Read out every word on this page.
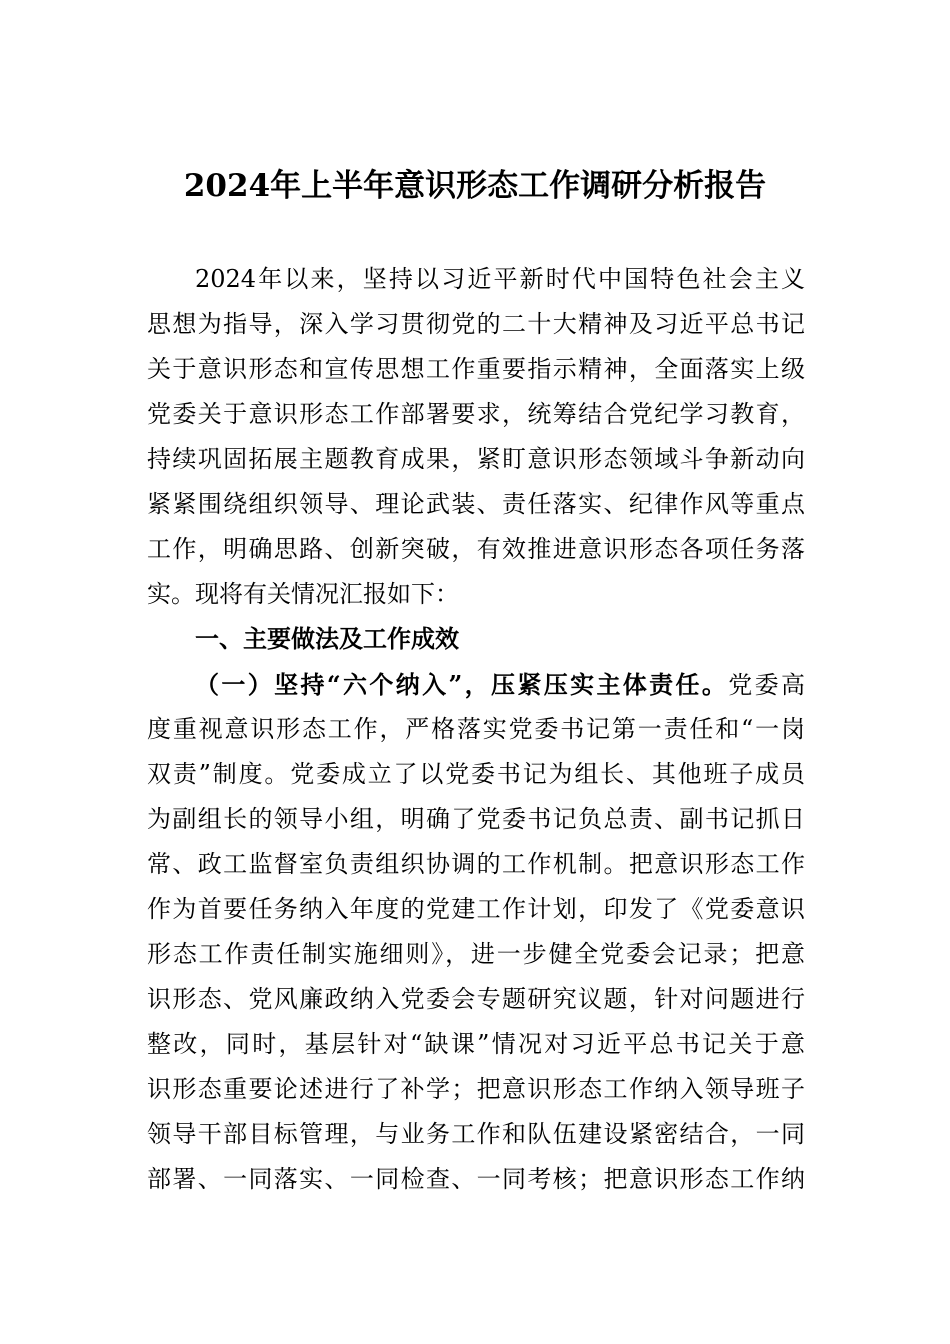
2024年上半年意识形态工作调研分析报告
2024年以来，坚持以习近平新时代中国特色社会主义
思想为指导，深入学习贯彻党的二十大精神及习近平总书记
关于意识形态和宣传思想工作重要指示精神，全面落实上级
党委关于意识形态工作部署要求，统筹结合党纪学习教育，
持续巩固拓展主题教育成果，紧盯意识形态领域斗争新动向
紧紧围绕组织领导、理论武装、责任落实、纪律作风等重点
工作，明确思路、创新突破，有效推进意识形态各项任务落
实。现将有关情况汇报如下：
一、主要做法及工作成效
（一）坚持“六个纳入”，压紧压实主体责任。党委高
度重视意识形态工作，严格落实党委书记第一责任和“一岗
双责”制度。党委成立了以党委书记为组长、其他班子成员
为副组长的领导小组，明确了党委书记负总责、副书记抓日
常、政工监督室负责组织协调的工作机制。把意识形态工作
作为首要任务纳入年度的党建工作计划，印发了《党委意识
形态工作责任制实施细则》，进一步健全党委会记录；把意
识形态、党风廉政纳入党委会专题研究议题，针对问题进行
整改，同时，基层针对“缺课”情况对习近平总书记关于意
识形态重要论述进行了补学；把意识形态工作纳入领导班子
领导干部目标管理，与业务工作和队伍建设紧密结合，一同
部署、一同落实、一同检查、一同考核；把意识形态工作纳
